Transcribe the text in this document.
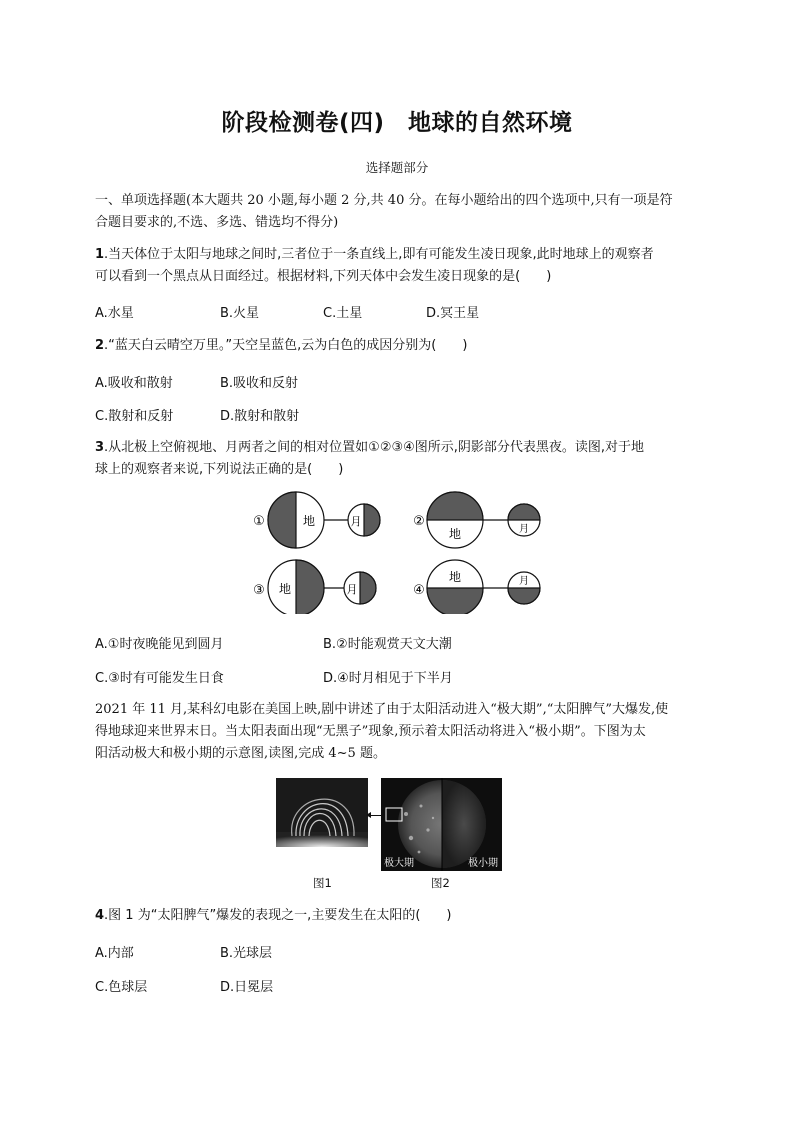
阶段检测卷(四)　地球的自然环境
选择题部分
一、单项选择题(本大题共 20 小题,每小题 2 分,共 40 分。在每小题给出的四个选项中,只有一项是符
合题目要求的,不选、多选、错选均不得分)
1.当天体位于太阳与地球之间时,三者位于一条直线上,即有可能发生凌日现象,此时地球上的观察者
可以看到一个黑点从日面经过。根据材料,下列天体中会发生凌日现象的是(　　)
A.水星	B.火星	C.土星	D.冥王星
2.“蓝天白云晴空万里。”天空呈蓝色,云为白色的成因分别为(　　)
A.吸收和散射	B.吸收和反射
C.散射和反射	D.散射和散射
3.从北极上空俯视地、月两者之间的相对位置如①②③④图所示,阴影部分代表黑夜。读图,对于地
球上的观察者来说,下列说法正确的是(　　)
①	地	月	②
地	月
③ 地	月	④
地	月
A.①时夜晚能见到圆月	B.②时能观赏天文大潮
C.③时有可能发生日食	D.④时月相见于下半月
2021 年 11 月,某科幻电影在美国上映,剧中讲述了由于太阳活动进入“极大期”,“太阳脾气”大爆发,使
得地球迎来世界末日。当太阳表面出现“无黑子”现象,预示着太阳活动将进入“极小期”。下图为太
阳活动极大和极小期的示意图,读图,完成 4~5 题。
极大期	极小期
图1	图2
4.图 1 为“太阳脾气”爆发的表现之一,主要发生在太阳的(　　)
A.内部	B.光球层
C.色球层	D.日冕层
